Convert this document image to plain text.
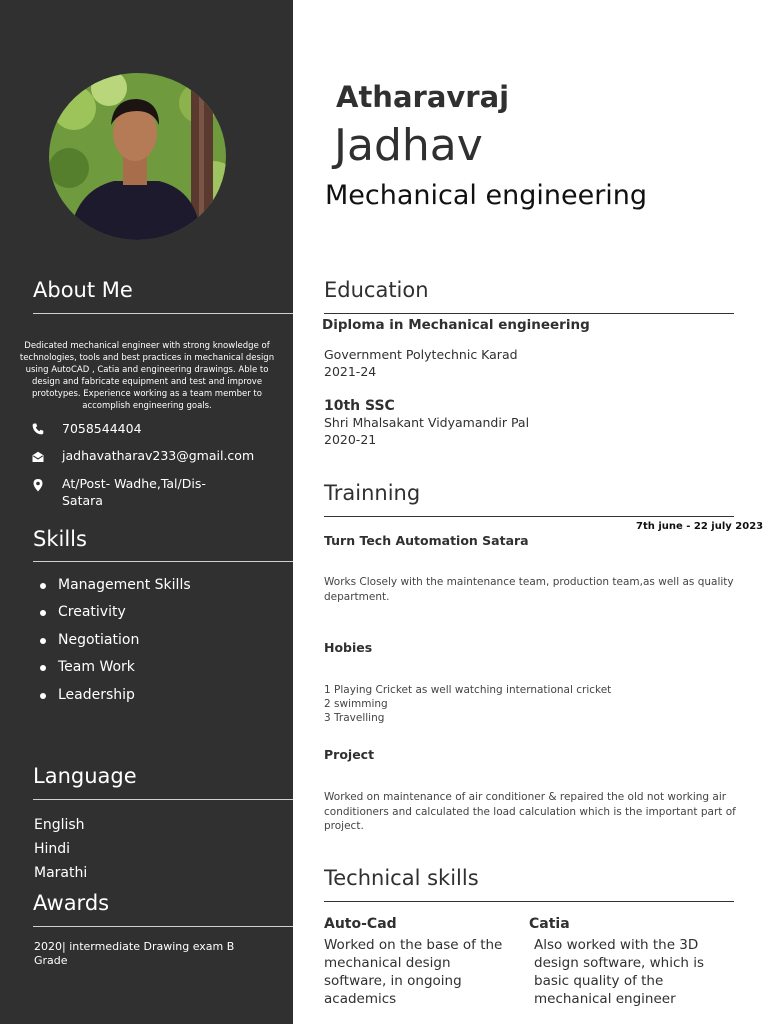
About Me

Dedicated mechanical engineer with strong knowledge of technologies, tools and best practices in mechanical design using AutoCAD , Catia and engineering drawings. Able to design and fabricate equipment and test and improve prototypes. Experience working as a team member to accomplish engineering goals.

7058544404
jadhavatharav233@gmail.com
At/Post- Wadhe,Tal/Dis-Satara
Skills
Management Skills
Creativity
Negotiation
Team Work
Leadership
Language
English
Hindi
Marathi
Awards
2020| intermediate Drawing exam B Grade
Atharavraj
Jadhav
Mechanical engineering
Education
Diploma in Mechanical engineering
Government Polytechnic Karad
2021-24
10th SSC
Shri Mhalsakant Vidyamandir Pal
2020-21
Trainning
7th june - 22 july 2023
Turn Tech Automation Satara
Works Closely with the maintenance team, production team,as well as quality department.
Hobies
1 Playing Cricket as well watching international cricket
2 swimming
3 Travelling
Project
Worked on maintenance of air conditioner & repaired the old not working air conditioners and calculated the load calculation which is the important part of project.
Technical skills
Auto-Cad
Worked on the base of the mechanical design software, in ongoing academics
Catia
Also worked with the 3D design software, which is basic quality of the mechanical engineer
